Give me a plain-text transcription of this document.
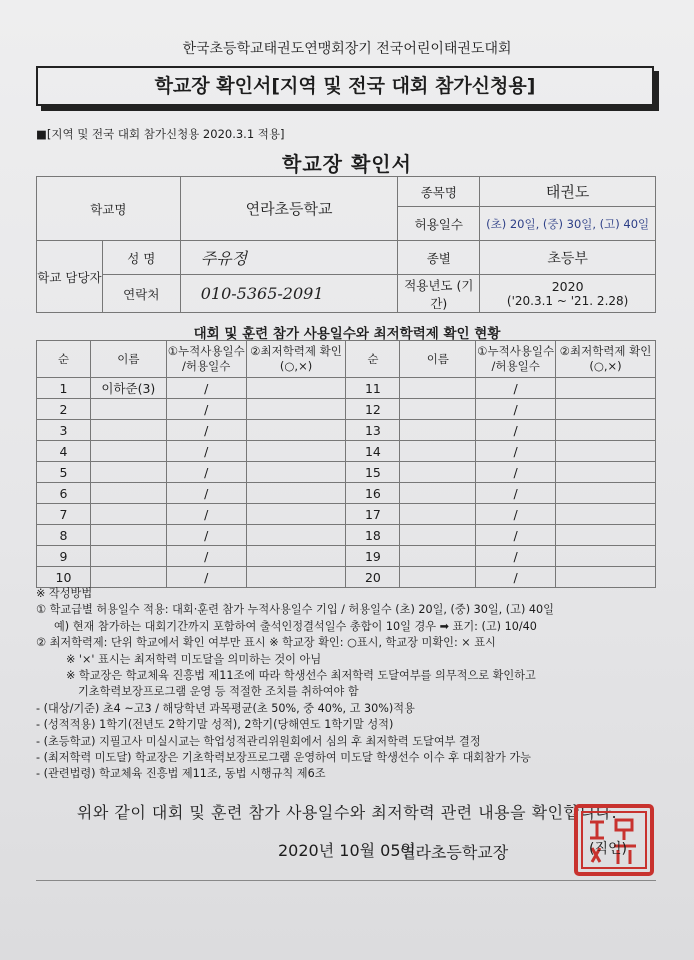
한국초등학교태권도연맹회장기 전국어린이태권도대회
학교장 확인서[지역 및 전국 대회 참가신청용]
■[지역 및 전국 대회 참가신청용 2020.3.1 적용]
학교장 확인서
학교명		연라초등학교	종목명	태권도
			허용일수	(초) 20일, (중) 30일, (고) 40일
학교 담당자	성 명	주유정	종별	초등부
	연락처	010-5365-2091	적용년도 (기간)	2020
('20.3.1 ~ '21. 2.28)
대회 및 훈련 참가 사용일수와 최저학력제 확인 현황
순	이름	①누적사용일수 /허용일수	②최저학력제 확인(○,×)	순	이름	①누적사용일수 /허용일수	②최저학력제 확인(○,×)
1	이하준(3)	/		11		/	
2		/		12		/	
3		/		13		/	
4		/		14		/	
5		/		15		/	
6		/		16		/	
7		/		17		/	
8		/		18		/	
9		/		19		/	
10		/		20		/	
※ 작성방법
① 학교급별 허용일수 적용: 대회·훈련 참가 누적사용일수 기입 / 허용일수 (초) 20일, (중) 30일, (고) 40일
예) 현재 참가하는 대회기간까지 포함하여 출석인정결석일수 총합이 10일 경우 ➡ 표기: (고) 10/40
② 최저학력제: 단위 학교에서 확인 여부만 표시 ※ 학교장 확인: ○표시, 학교장 미확인: × 표시
※ '×' 표시는 최저학력 미도달을 의미하는 것이 아님
※ 학교장은 학교체육 진흥법 제11조에 따라 학생선수 최저학력 도달여부를 의무적으로 확인하고
기초학력보장프로그램 운영 등 적절한 조치를 취하여야 함
- (대상/기준) 초4 ~고3 / 해당학년 과목평균(초 50%, 중 40%, 고 30%)적용
- (성적적용) 1학기(전년도 2학기말 성적), 2학기(당해연도 1학기말 성적)
- (초등학교) 지필고사 미실시교는 학업성적관리위원회에서 심의 후 최저학력 도달여부 결정
- (최저학력 미도달) 학교장은 기초학력보장프로그램 운영하여 미도달 학생선수 이수 후 대회참가 가능
- (관련법령) 학교체육 진흥법 제11조, 동법 시행규칙 제6조
위와 같이 대회 및 훈련 참가 사용일수와 최저학력 관련 내용을 확인합니다.
2020년 10월 05일
연라초등학교장	(직인)
